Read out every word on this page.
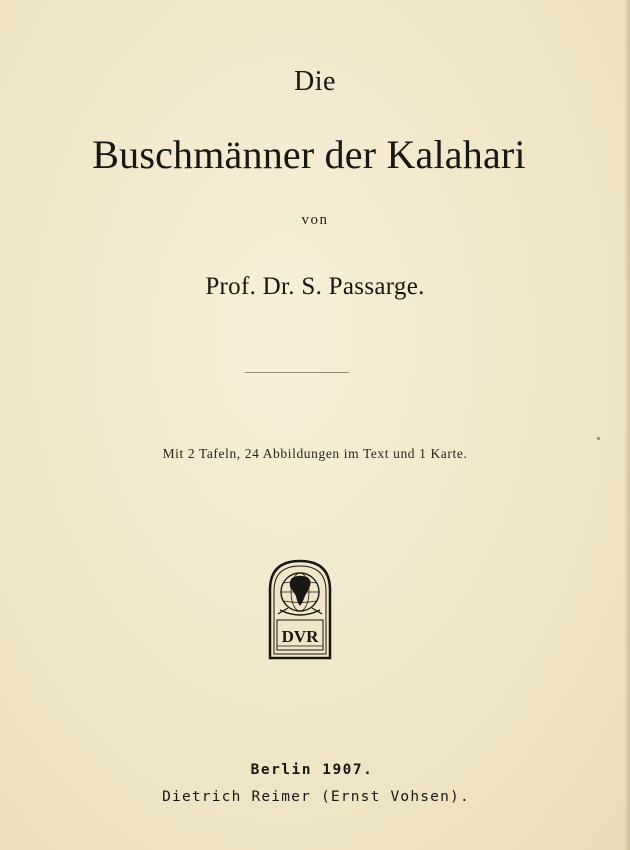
Die
Buschmänner der Kalahari
von
Prof. Dr. S. Passarge.
Mit 2 Tafeln, 24 Abbildungen im Text und 1 Karte.
DVR
Berlin 1907.
Dietrich Reimer (Ernst Vohsen).
